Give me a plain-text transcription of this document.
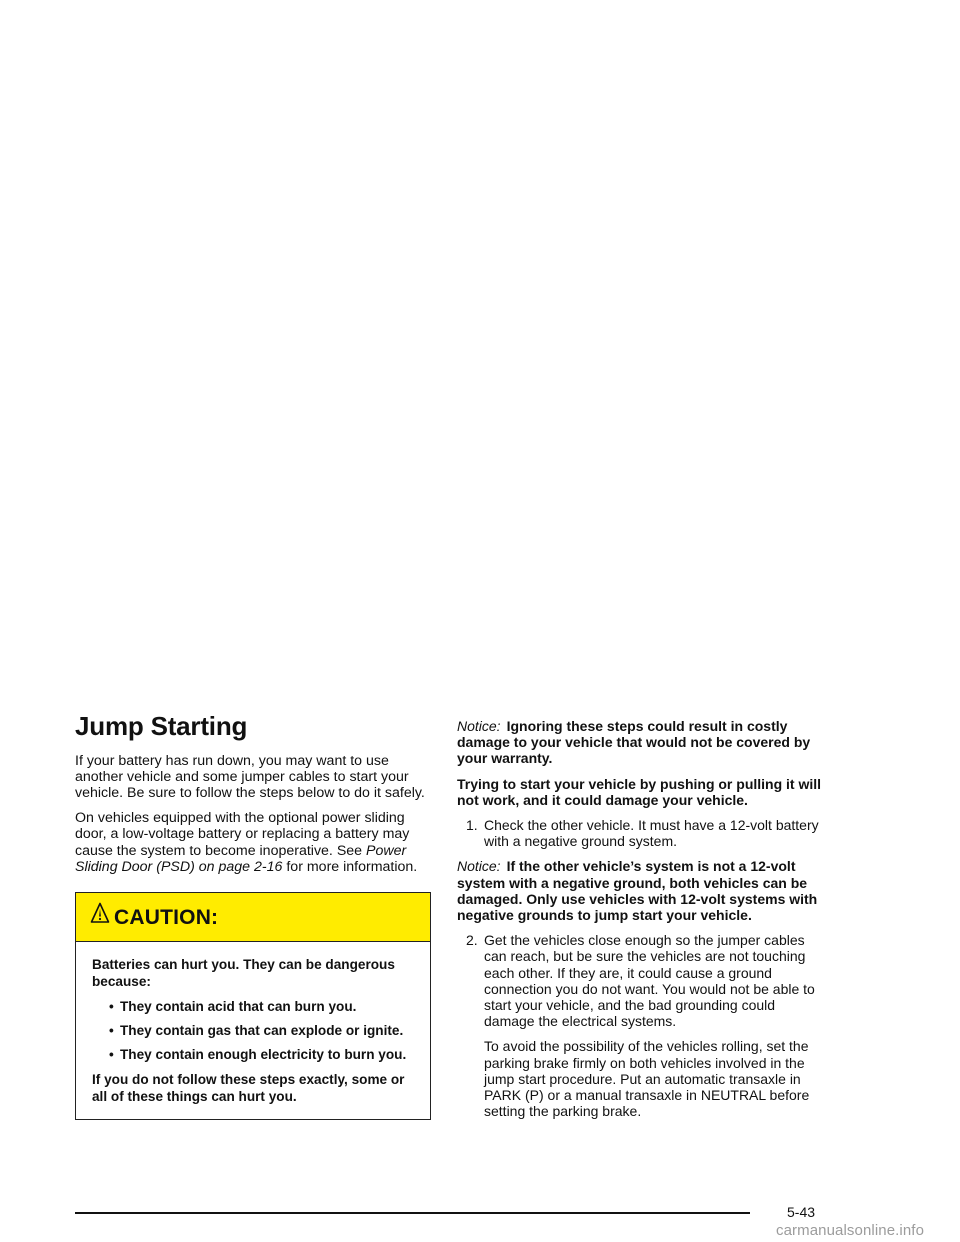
Jump Starting

If your battery has run down, you may want to use another vehicle and some jumper cables to start your vehicle. Be sure to follow the steps below to do it safely.

On vehicles equipped with the optional power sliding door, a low-voltage battery or replacing a battery may cause the system to become inoperative. See Power Sliding Door (PSD) on page 2-16 for more information.

CAUTION:

Batteries can hurt you. They can be dangerous because:

• They contain acid that can burn you.
• They contain gas that can explode or ignite.
• They contain enough electricity to burn you.

If you do not follow these steps exactly, some or all of these things can hurt you.

Notice: Ignoring these steps could result in costly damage to your vehicle that would not be covered by your warranty.

Trying to start your vehicle by pushing or pulling it will not work, and it could damage your vehicle.

1. Check the other vehicle. It must have a 12-volt battery with a negative ground system.

Notice: If the other vehicle’s system is not a 12-volt system with a negative ground, both vehicles can be damaged. Only use vehicles with 12-volt systems with negative grounds to jump start your vehicle.

2. Get the vehicles close enough so the jumper cables can reach, but be sure the vehicles are not touching each other. If they are, it could cause a ground connection you do not want. You would not be able to start your vehicle, and the bad grounding could damage the electrical systems.

To avoid the possibility of the vehicles rolling, set the parking brake firmly on both vehicles involved in the jump start procedure. Put an automatic transaxle in PARK (P) or a manual transaxle in NEUTRAL before setting the parking brake.

5-43
carmanualsonline.info
